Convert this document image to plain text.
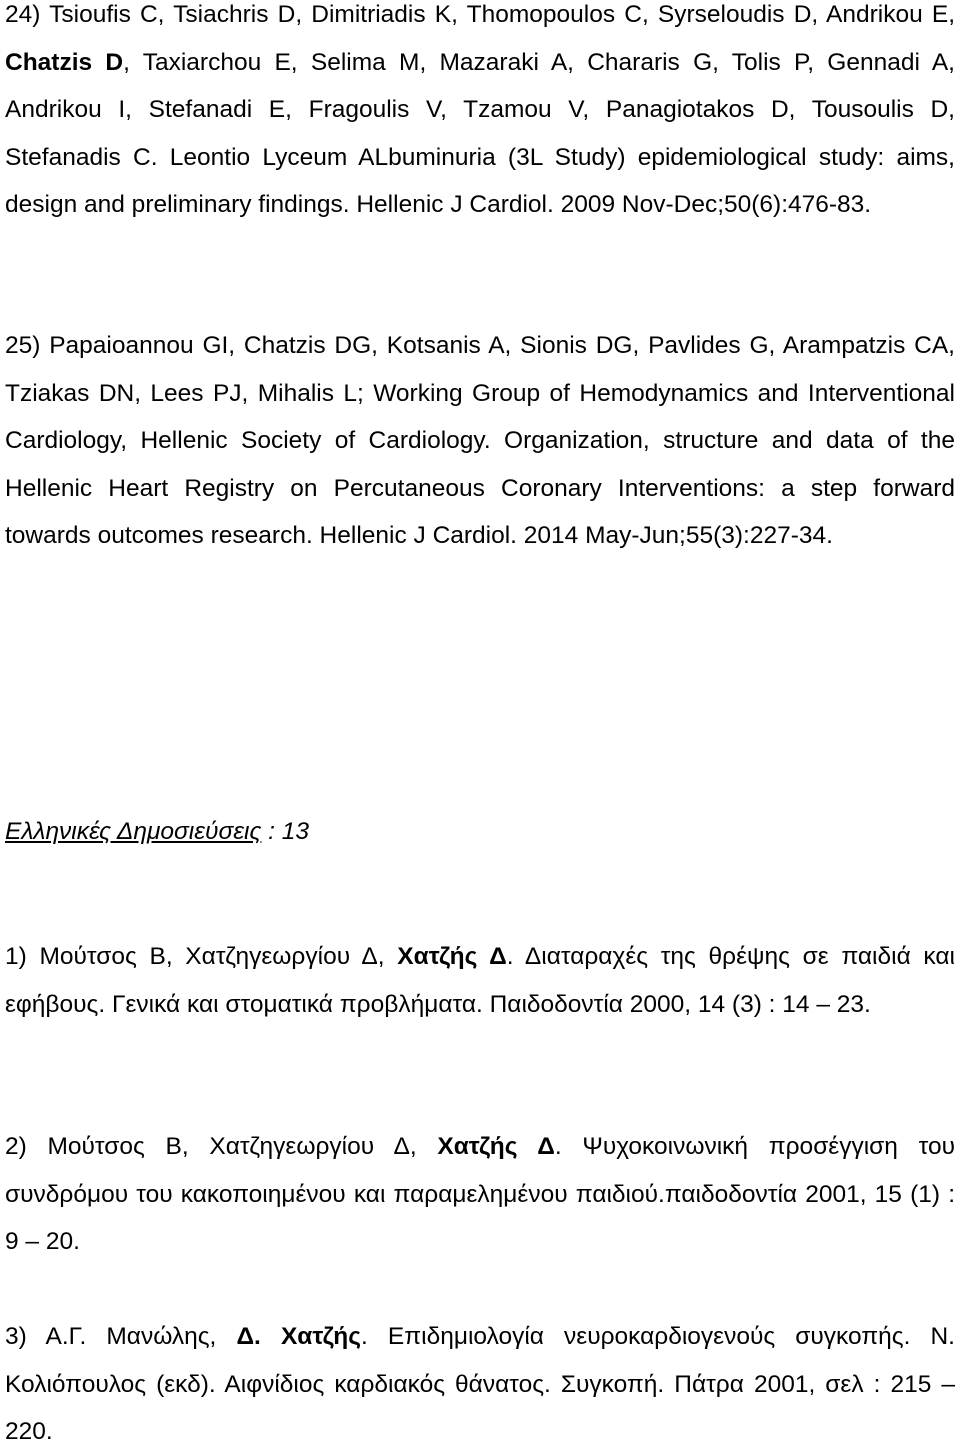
24) Tsioufis C, Tsiachris D, Dimitriadis K, Thomopoulos C, Syrseloudis D, Andrikou E, Chatzis D, Taxiarchou E, Selima M, Mazaraki A, Chararis G, Tolis P, Gennadi A, Andrikou I, Stefanadi E, Fragoulis V, Tzamou V, Panagiotakos D, Tousoulis D, Stefanadis C. Leontio Lyceum ALbuminuria (3L Study) epidemiological study: aims, design and preliminary findings. Hellenic J Cardiol. 2009 Nov-Dec;50(6):476-83.

25) Papaioannou GI, Chatzis DG, Kotsanis A, Sionis DG, Pavlides G, Arampatzis CA, Tziakas DN, Lees PJ, Mihalis L; Working Group of Hemodynamics and Interventional Cardiology, Hellenic Society of Cardiology. Organization, structure and data of the Hellenic Heart Registry on Percutaneous Coronary Interventions: a step forward towards outcomes research. Hellenic J Cardiol. 2014 May-Jun;55(3):227-34.

Ελληνικές Δημοσιεύσεις : 13

1) Μούτσος Β, Χατζηγεωργίου Δ, Χατζής Δ. Διαταραχές της θρέψης σε παιδιά και εφήβους. Γενικά και στοματικά προβλήματα. Παιδοδοντία 2000, 14 (3) : 14 – 23.

2) Μούτσος Β, Χατζηγεωργίου Δ, Χατζής Δ. Ψυχοκοινωνική προσέγγιση του συνδρόμου του κακοποιημένου και παραμελημένου παιδιού.παιδοδοντία 2001, 15 (1) : 9 – 20.

3) Α.Γ. Μανώλης, Δ. Χατζής. Επιδημιολογία νευροκαρδιογενούς συγκοπής. Ν. Κολιόπουλος (εκδ). Αιφνίδιος καρδιακός θάνατος. Συγκοπή. Πάτρα 2001, σελ : 215 – 220.
